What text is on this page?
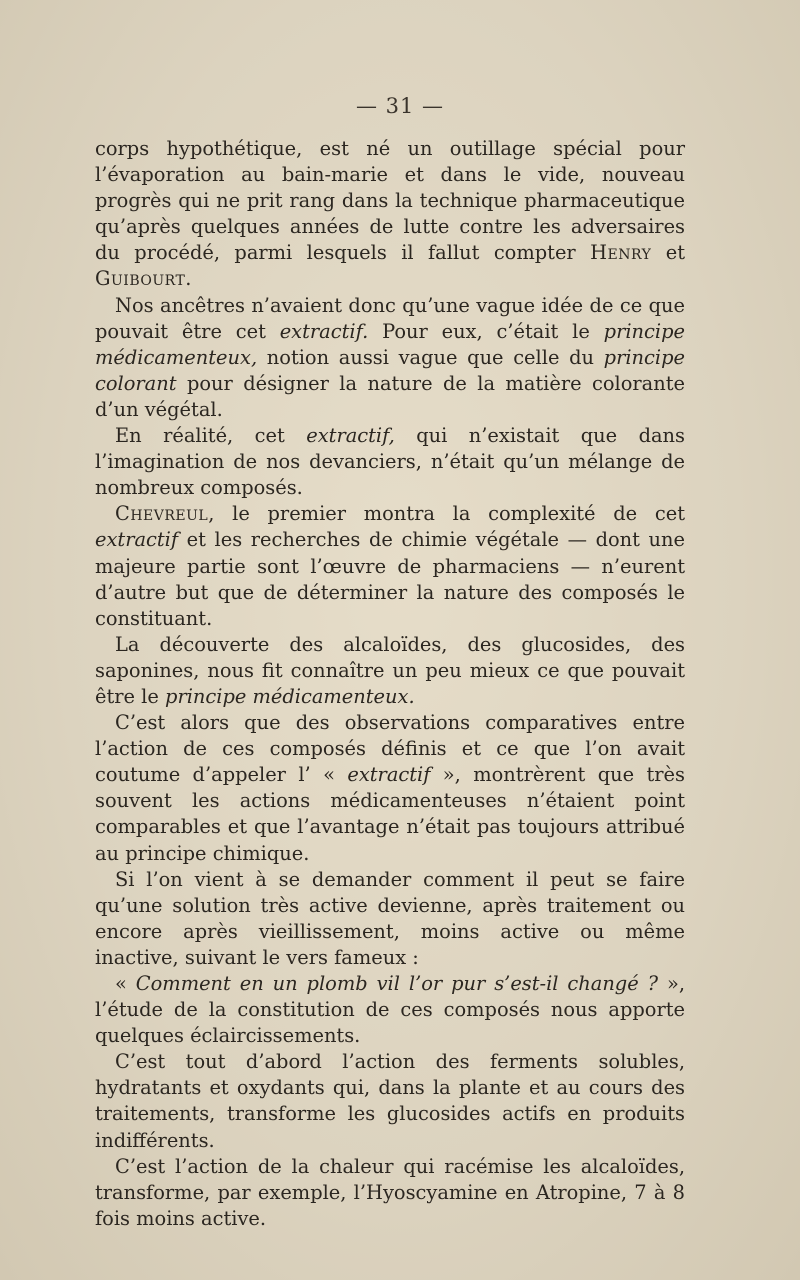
— 31 —

corps hypothétique, est né un outillage spécial pour l’évaporation au bain-marie et dans le vide, nouveau progrès qui ne prit rang dans la technique pharmaceutique qu’après quelques années de lutte contre les adversaires du procédé, parmi lesquels il fallut compter Henry et Guibourt.

Nos ancêtres n’avaient donc qu’une vague idée de ce que pouvait être cet extractif. Pour eux, c’était le principe médicamenteux, notion aussi vague que celle du principe colorant pour désigner la nature de la matière colorante d’un végétal.

En réalité, cet extractif, qui n’existait que dans l’imagination de nos devanciers, n’était qu’un mélange de nombreux composés.

Chevreul, le premier montra la complexité de cet extractif et les recherches de chimie végétale — dont une majeure partie sont l’œuvre de pharmaciens — n’eurent d’autre but que de déterminer la nature des composés le constituant.

La découverte des alcaloïdes, des glucosides, des saponines, nous fit connaître un peu mieux ce que pouvait être le principe médicamenteux.

C’est alors que des observations comparatives entre l’action de ces composés définis et ce que l’on avait coutume d’appeler l’ « extractif », montrèrent que très souvent les actions médicamenteuses n’étaient point comparables et que l’avantage n’était pas toujours attribué au principe chimique.

Si l’on vient à se demander comment il peut se faire qu’une solution très active devienne, après traitement ou encore après vieillissement, moins active ou même inactive, suivant le vers fameux :

« Comment en un plomb vil l’or pur s’est-il changé ? », l’étude de la constitution de ces composés nous apporte quelques éclaircissements.

C’est tout d’abord l’action des ferments solubles, hydratants et oxydants qui, dans la plante et au cours des traitements, transforme les glucosides actifs en produits indifférents.

C’est l’action de la chaleur qui racémise les alcaloïdes, transforme, par exemple, l’Hyoscyamine en Atropine, 7 à 8 fois moins active.
